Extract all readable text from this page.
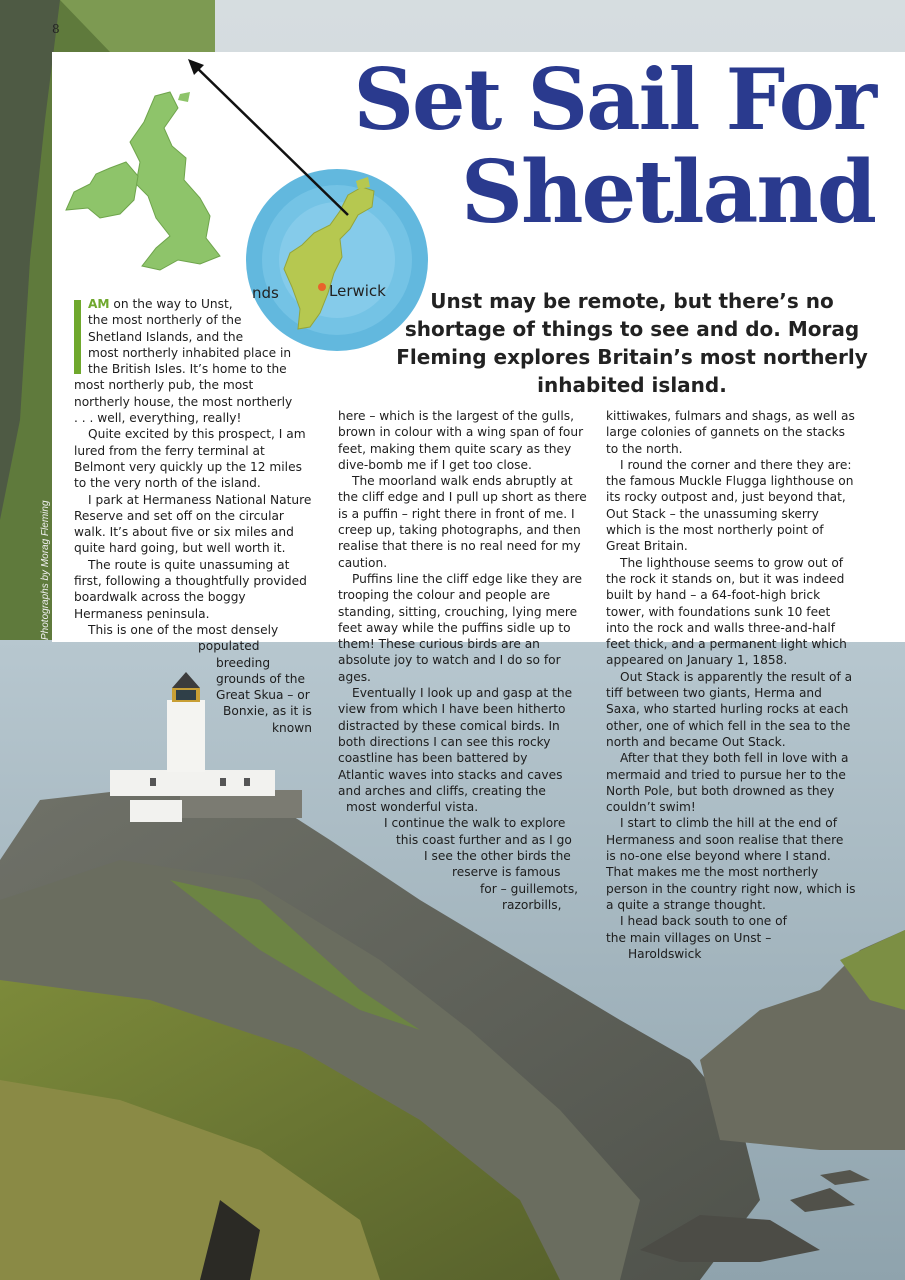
8
Photographs by Morag Fleming
nds	Lerwick
Set Sail For
Shetland
Unst may be remote, but there’s no shortage of things to see and do. Morag Fleming explores Britain’s most northerly inhabited island.

AM on the way to Unst,
the most northerly of the
Shetland Islands, and the
most northerly inhabited place in
the British Isles. It’s home to the
most northerly pub, the most
northerly house, the most northerly
. . . well, everything, really!

Quite excited by this prospect, I am lured from the ferry terminal at Belmont very quickly up the 12 miles to the very north of the island.

I park at Hermaness National Nature Reserve and set off on the circular walk. It’s about five or six miles and quite hard going, but well worth it.

The route is quite unassuming at first, following a thoughtfully provided boardwalk across the boggy Hermaness peninsula.

This is one of the most densely
populated
breeding
grounds of the
Great Skua – or
Bonxie, as it is
known

here – which is the largest of the gulls, brown in colour with a wing span of four feet, making them quite scary as they dive-bomb me if I get too close.

The moorland walk ends abruptly at the cliff edge and I pull up short as there is a puffin – right there in front of me. I creep up, taking photographs, and then realise that there is no real need for my caution.

Puffins line the cliff edge like they are trooping the colour and people are standing, sitting, crouching, lying mere feet away while the puffins sidle up to them! These curious birds are an absolute joy to watch and I do so for ages.

Eventually I look up and gasp at the
view from which I have been hitherto
distracted by these comical birds. In
both directions I can see this rocky
coastline has been battered by
Atlantic waves into stacks and caves
and arches and cliffs, creating the
most wonderful vista.

I continue the walk to explore
this coast further and as I go
I see the other birds the
reserve is famous
for – guillemots,
razorbills,

kittiwakes, fulmars and shags, as well as large colonies of gannets on the stacks to the north.

I round the corner and there they are: the famous Muckle Flugga lighthouse on its rocky outpost and, just beyond that, Out Stack – the unassuming skerry which is the most northerly point of Great Britain.

The lighthouse seems to grow out of the rock it stands on, but it was indeed built by hand – a 64-foot-high brick tower, with foundations sunk 10 feet into the rock and walls three-and-half feet thick, and a permanent light which appeared on January 1, 1858.

Out Stack is apparently the result of a tiff between two giants, Herma and Saxa, who started hurling rocks at each other, one of which fell in the sea to the north and became Out Stack.

After that they both fell in love with a mermaid and tried to pursue her to the North Pole, but both drowned as they couldn’t swim!

I start to climb the hill at the end of Hermaness and soon realise that there is no-one else beyond where I stand. That makes me the most northerly person in the country right now, which is a quite a strange thought.

I head back south to one of
the main villages on Unst –
Haroldswick
